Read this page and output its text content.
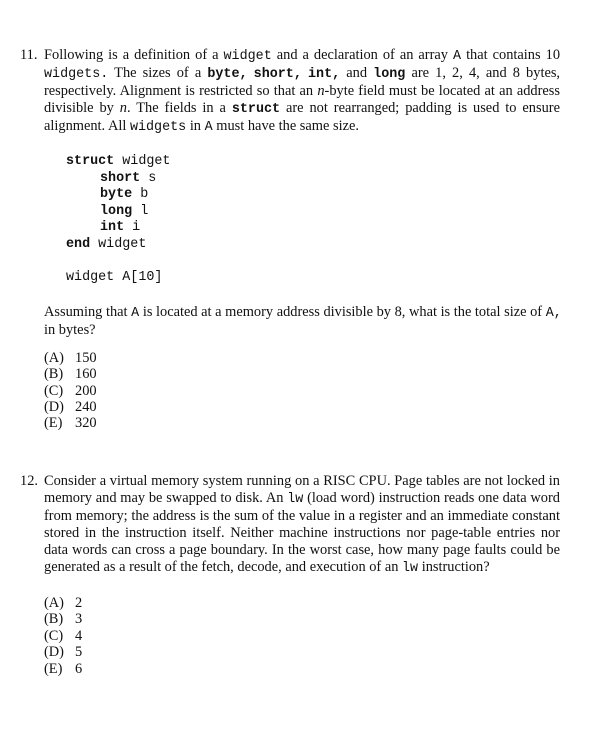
11. Following is a definition of a widget and a declaration of an array A that contains 10 widgets. The sizes of a byte, short, int, and long are 1, 2, 4, and 8 bytes, respectively. Alignment is restricted so that an n-byte field must be located at an address divisible by n. The fields in a struct are not rearranged; padding is used to ensure alignment. All widgets in A must have the same size.
struct widget
short s
byte b
long l
int i
end widget
widget A[10]
Assuming that A is located at a memory address divisible by 8, what is the total size of A, in bytes?
(A) 150
(B) 160
(C) 200
(D) 240
(E) 320
12. Consider a virtual memory system running on a RISC CPU. Page tables are not locked in memory and may be swapped to disk. An lw (load word) instruction reads one data word from memory; the address is the sum of the value in a register and an immediate constant stored in the instruction itself. Neither machine instructions nor page-table entries nor data words can cross a page boundary. In the worst case, how many page faults could be generated as a result of the fetch, decode, and execution of an lw instruction?
(A) 2
(B) 3
(C) 4
(D) 5
(E) 6
